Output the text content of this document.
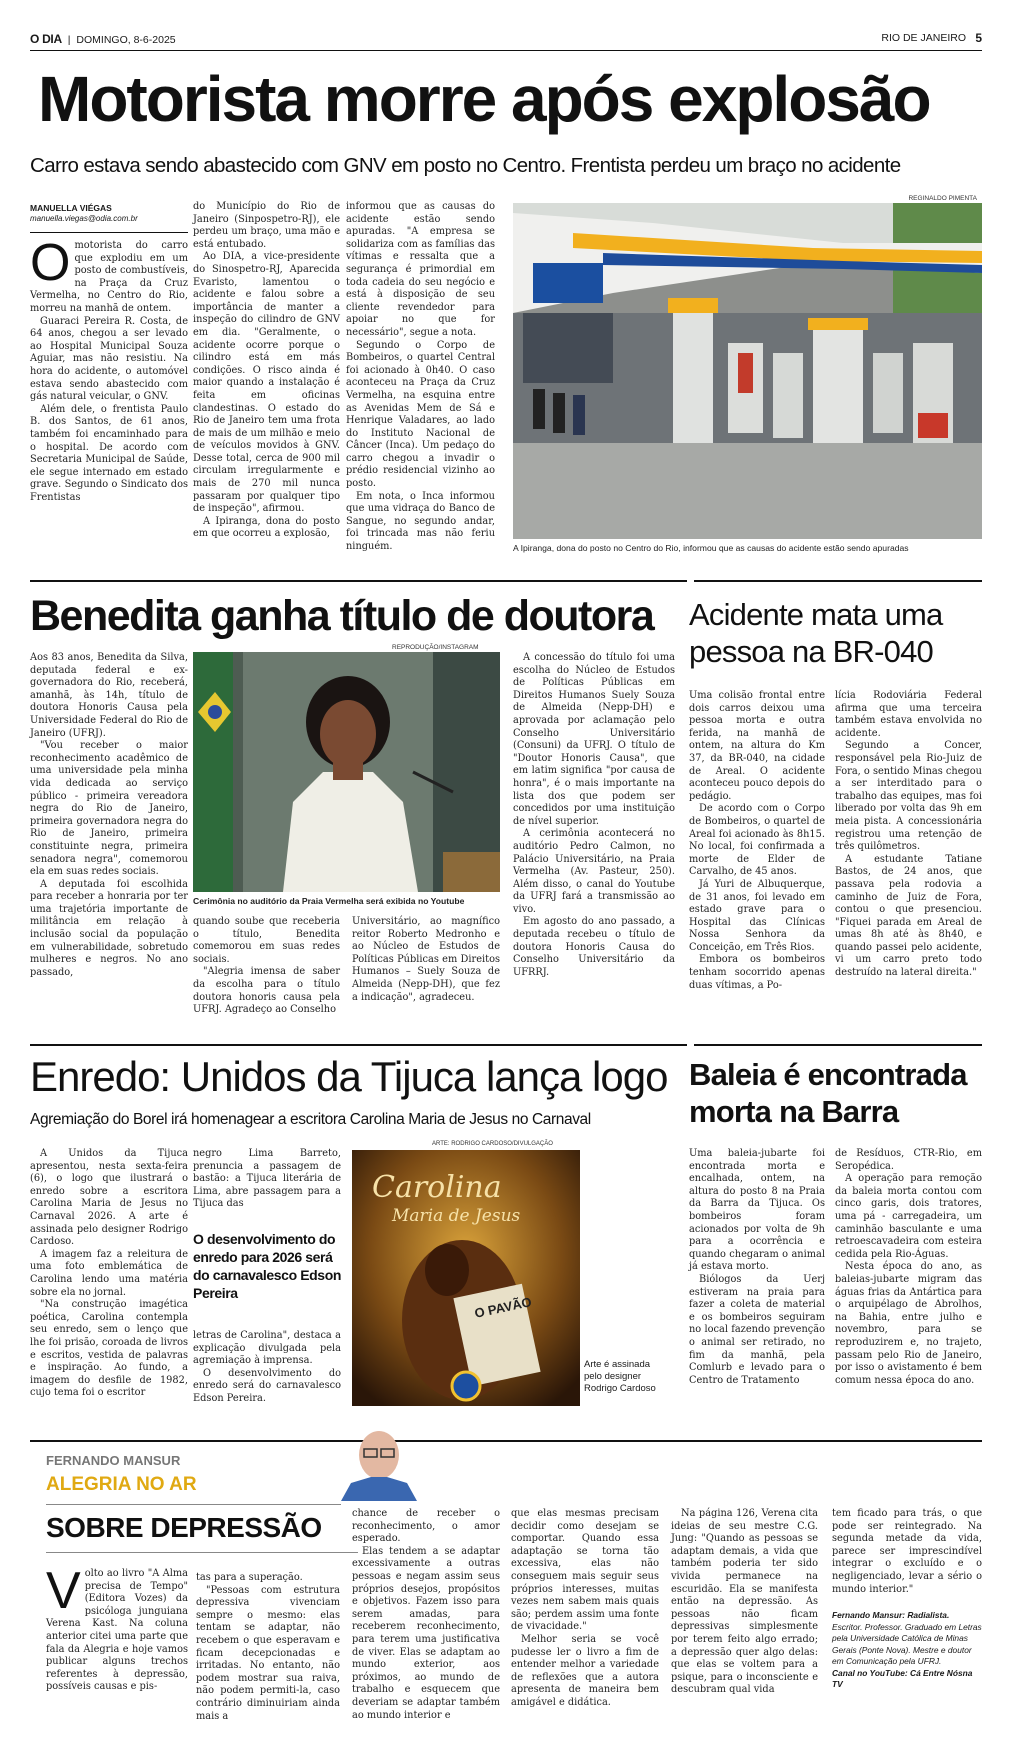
O DIA | DOMINGO, 8-6-2025	RIO DE JANEIRO 5
Motorista morre após explosão
Carro estava sendo abastecido com GNV em posto no Centro. Frentista perdeu um braço no acidente
MANUELLA VIÉGAS
manuella.viegas@odia.com.br

O motorista do carro que explodiu em um posto de combustíveis, na Praça da Cruz Vermelha, no Centro do Rio, morreu na manhã de ontem.

Guaraci Pereira R. Costa, de 64 anos, chegou a ser levado ao Hospital Municipal Souza Aguiar, mas não resistiu. Na hora do acidente, o automóvel estava sendo abastecido com gás natural veicular, o GNV.

Além dele, o frentista Paulo B. dos Santos, de 61 anos, também foi encaminhado para o hospital. De acordo com Secretaria Municipal de Saúde, ele segue internado em estado grave. Segundo o Sindicato dos Frentistas

do Município do Rio de Janeiro (Sinpospetro-RJ), ele perdeu um braço, uma mão e está entubado.

Ao DIA, a vice-presidente do Sinospetro-RJ, Aparecida Evaristo, lamentou o acidente e falou sobre a importância de manter a inspeção do cilindro de GNV em dia. "Geralmente, o acidente ocorre porque o cilindro está em más condições. O risco ainda é maior quando a instalação é feita em oficinas clandestinas. O estado do Rio de Janeiro tem uma frota de mais de um milhão e meio de veículos movidos à GNV. Desse total, cerca de 900 mil circulam irregularmente e mais de 270 mil nunca passaram por qualquer tipo de inspeção", afirmou.

A Ipiranga, dona do posto em que ocorreu a explosão,

informou que as causas do acidente estão sendo apuradas. "A empresa se solidariza com as famílias das vítimas e ressalta que a segurança é primordial em toda cadeia do seu negócio e está à disposição de seu cliente revendedor para apoiar no que for necessário", segue a nota.

Segundo o Corpo de Bombeiros, o quartel Central foi acionado à 0h40. O caso aconteceu na Praça da Cruz Vermelha, na esquina entre as Avenidas Mem de Sá e Henrique Valadares, ao lado do Instituto Nacional de Câncer (Inca). Um pedaço do carro chegou a invadir o prédio residencial vizinho ao posto.

Em nota, o Inca informou que uma vidraça do Banco de Sangue, no segundo andar, foi trincada mas não feriu ninguém.

REGINALDO PIMENTA
A Ipiranga, dona do posto no Centro do Rio, informou que as causas do acidente estão sendo apuradas
Benedita ganha título de doutora
REPRODUÇÃO/INSTAGRAM

Aos 83 anos, Benedita da Silva, deputada federal e ex-governadora do Rio, receberá, amanhã, às 14h, título de doutora Honoris Causa pela Universidade Federal do Rio de Janeiro (UFRJ).

"Vou receber o maior reconhecimento acadêmico de uma universidade pela minha vida dedicada ao serviço público - primeira vereadora negra do Rio de Janeiro, primeira governadora negra do Rio de Janeiro, primeira constituinte negra, primeira senadora negra", comemorou ela em suas redes sociais.

A deputada foi escolhida para receber a honraria por ter uma trajetória importante de militância em relação à inclusão social da população em vulnerabilidade, sobretudo mulheres e negros. No ano passado,

Cerimônia no auditório da Praia Vermelha será exibida no Youtube

quando soube que receberia o título, Benedita comemorou em suas redes sociais.

"Alegria imensa de saber da escolha para o título doutora honoris causa pela UFRJ. Agradeço ao Conselho

Universitário, ao magnífico reitor Roberto Medronho e ao Núcleo de Estudos de Políticas Públicas em Direitos Humanos – Suely Souza de Almeida (Nepp-DH), que fez a indicação", agradeceu.

A concessão do título foi uma escolha do Núcleo de Estudos de Políticas Públicas em Direitos Humanos Suely Souza de Almeida (Nepp-DH) e aprovada por aclamação pelo Conselho Universitário (Consuni) da UFRJ. O título de "Doutor Honoris Causa", que em latim significa "por causa de honra", é o mais importante na lista dos que podem ser concedidos por uma instituição de nível superior.

A cerimônia acontecerá no auditório Pedro Calmon, no Palácio Universitário, na Praia Vermelha (Av. Pasteur, 250). Além disso, o canal do Youtube da UFRJ fará a transmissão ao vivo.

Em agosto do ano passado, a deputada recebeu o título de doutora Honoris Causa do Conselho Universitário da UFRRJ.

Acidente mata uma pessoa na BR-040

Uma colisão frontal entre dois carros deixou uma pessoa morta e outra ferida, na manhã de ontem, na altura do Km 37, da BR-040, na cidade de Areal. O acidente aconteceu pouco depois do pedágio.

De acordo com o Corpo de Bombeiros, o quartel de Areal foi acionado às 8h15. No local, foi confirmada a morte de Elder de Carvalho, de 45 anos.

Já Yuri de Albuquerque, de 31 anos, foi levado em estado grave para o Hospital das Clínicas Nossa Senhora da Conceição, em Três Rios.

Embora os bombeiros tenham socorrido apenas duas vítimas, a Po-

lícia Rodoviária Federal afirma que uma terceira também estava envolvida no acidente.

Segundo a Concer, responsável pela Rio-Juiz de Fora, o sentido Minas chegou a ser interditado para o trabalho das equipes, mas foi liberado por volta das 9h em meia pista. A concessionária registrou uma retenção de três quilômetros.

A estudante Tatiane Bastos, de 24 anos, que passava pela rodovia a caminho de Juiz de Fora, contou o que presenciou. "Fiquei parada em Areal de umas 8h até às 8h40, e quando passei pelo acidente, vi um carro preto todo destruído na lateral direita."

Enredo: Unidos da Tijuca lança logo
Agremiação do Borel irá homenagear a escritora Carolina Maria de Jesus no Carnaval

A Unidos da Tijuca apresentou, nesta sexta-feira (6), o logo que ilustrará o enredo sobre a escritora Carolina Maria de Jesus no Carnaval 2026. A arte é assinada pelo designer Rodrigo Cardoso.

A imagem faz a releitura de uma foto emblemática de Carolina lendo uma matéria sobre ela no jornal.

"Na construção imagética poética, Carolina contempla seu enredo, sem o lenço que lhe foi prisão, coroada de livros e escritos, vestida de palavras e inspiração. Ao fundo, a imagem do desfile de 1982, cujo tema foi o escritor

negro Lima Barreto, prenuncia a passagem de bastão: a Tijuca literária de Lima, abre passagem para a Tijuca das

O desenvolvimento do enredo para 2026 será do carnavalesco Edson Pereira

letras de Carolina", destaca a explicação divulgada pela agremiação à imprensa.

O desenvolvimento do enredo será do carnavalesco Edson Pereira.

ARTE: RODRIGO CARDOSO/DIVULGAÇÃO
Carolina
Maria de Jesus
O PAVÃO
Arte é assinada pelo designer Rodrigo Cardoso
Baleia é encontrada morta na Barra

Uma baleia-jubarte foi encontrada morta e encalhada, ontem, na altura do posto 8 na Praia da Barra da Tijuca. Os bombeiros foram acionados por volta de 9h para a ocorrência e quando chegaram o animal já estava morto.

Biólogos da Uerj estiveram na praia para fazer a coleta de material e os bombeiros seguiram no local fazendo prevenção o animal ser retirado, no fim da manhã, pela Comlurb e levado para o Centro de Tratamento

de Resíduos, CTR-Rio, em Seropédica.

A operação para remoção da baleia morta contou com cinco garis, dois tratores, uma pá - carregadeira, um caminhão basculante e uma retroescavadeira com esteira cedida pela Rio-Águas.

Nesta época do ano, as baleias-jubarte migram das águas frias da Antártica para o arquipélago de Abrolhos, na Bahia, entre julho e novembro, para se reproduzirem e, no trajeto, passam pelo Rio de Janeiro, por isso o avistamento é bem comum nessa época do ano.

FERNANDO MANSUR
ALEGRIA NO AR
SOBRE DEPRESSÃO

Volto ao livro "A Alma precisa de Tempo" (Editora Vozes) da psicóloga junguiana Verena Kast. Na coluna anterior citei uma parte que fala da Alegria e hoje vamos publicar alguns trechos referentes à depressão, possíveis causas e pis-

tas para a superação.

"Pessoas com estrutura depressiva vivenciam sempre o mesmo: elas tentam se adaptar, não recebem o que esperavam e ficam decepcionadas e irritadas. No entanto, não podem mostrar sua raiva, não podem permiti-la, caso contrário diminuiriam ainda mais a

chance de receber o reconhecimento, o amor esperado.

Elas tendem a se adaptar excessivamente a outras pessoas e negam assim seus próprios desejos, propósitos e objetivos. Fazem isso para serem amadas, para receberem reconhecimento, para terem uma justificativa de viver. Elas se adaptam ao mundo exterior, aos próximos, ao mundo de trabalho e esquecem que deveriam se adaptar também ao mundo interior e

que elas mesmas precisam decidir como desejam se comportar. Quando essa adaptação se torna tão excessiva, elas não conseguem mais seguir seus próprios interesses, muitas vezes nem sabem mais quais são; perdem assim uma fonte de vivacidade."

Melhor seria se você pudesse ler o livro a fim de entender melhor a variedade de reflexões que a autora apresenta de maneira bem amigável e didática.

Na página 126, Verena cita ideias de seu mestre C.G. Jung: "Quando as pessoas se adaptam demais, a vida que também poderia ter sido vivida permanece na escuridão. Ela se manifesta então na depressão. As pessoas não ficam depressivas simplesmente por terem feito algo errado; a depressão quer algo delas: que elas se voltem para a psique, para o inconsciente e descubram qual vida

tem ficado para trás, o que pode ser reintegrado. Na segunda metade da vida, parece ser imprescindível integrar o excluído e o negligenciado, levar a sério o mundo interior."

Fernando Mansur: Radialista.
Escritor. Professor. Graduado em Letras pela Universidade Católica de Minas Gerais (Ponte Nova). Mestre e doutor em Comunicação pela UFRJ.
Canal no YouTube: Cá Entre Nósna TV
